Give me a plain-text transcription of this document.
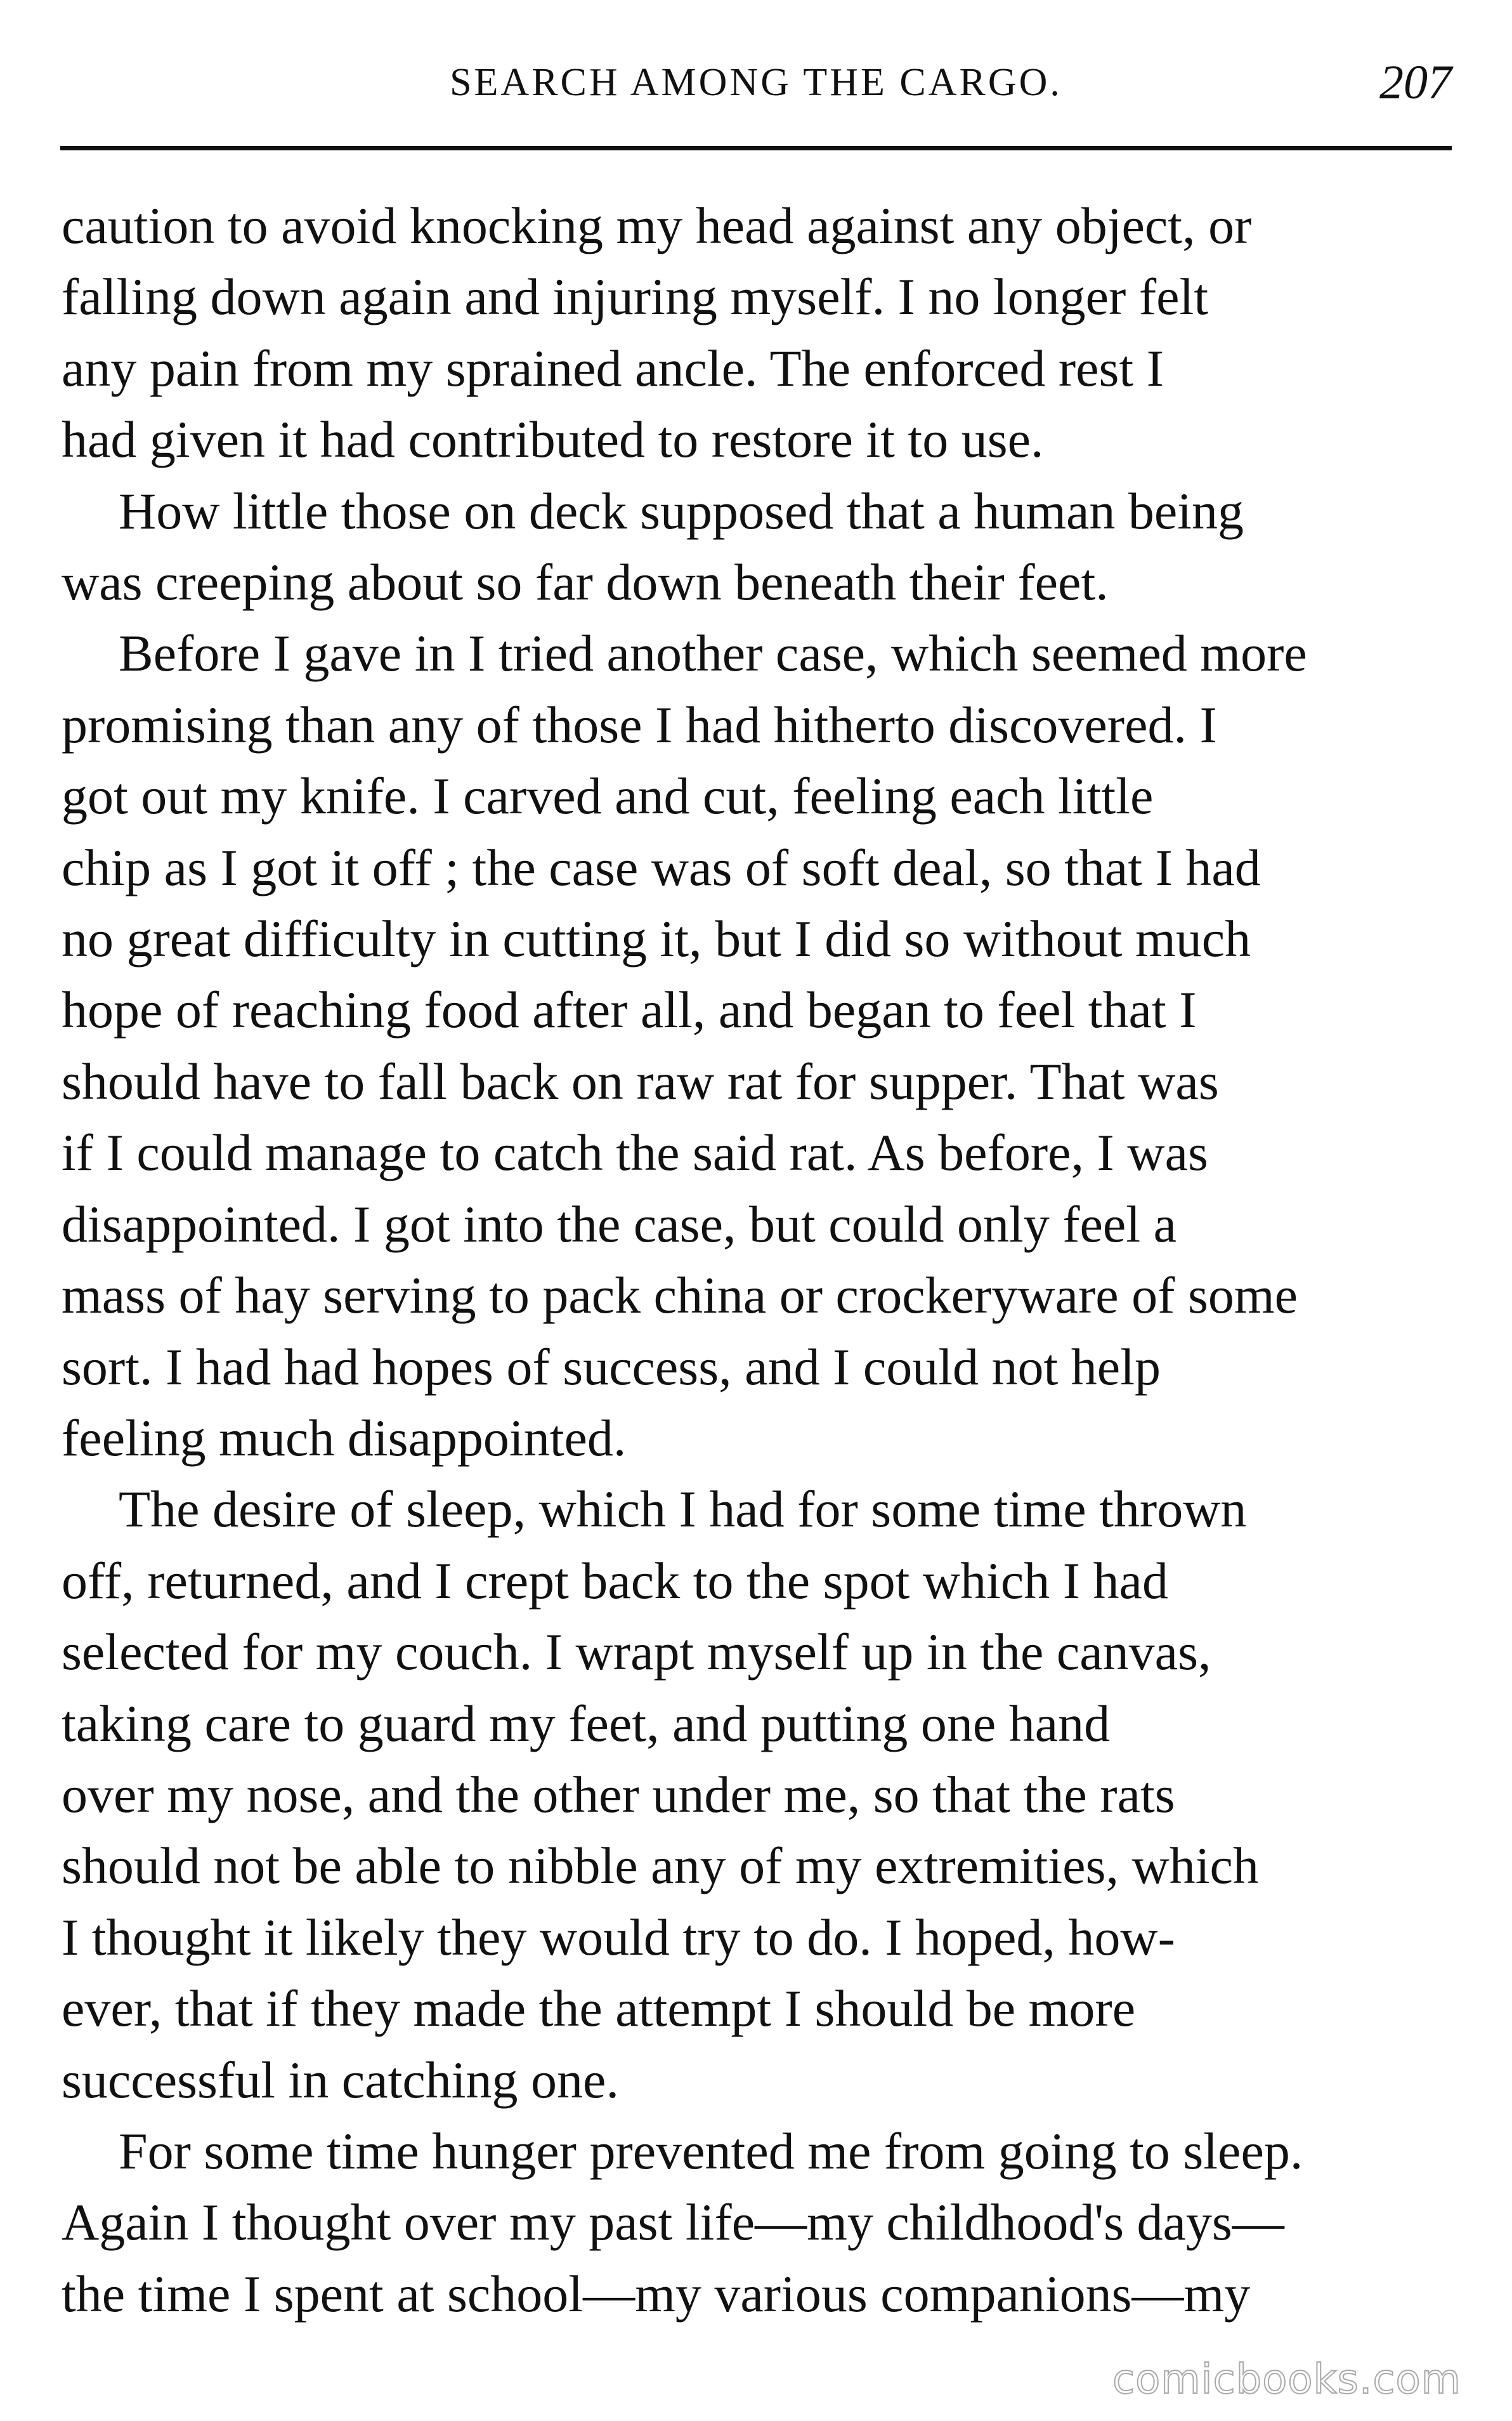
SEARCH AMONG THE CARGO.	207

caution to avoid knocking my head against any object, or
falling down again and injuring myself. I no longer felt
any pain from my sprained ancle. The enforced rest I
had given it had contributed to restore it to use.

How little those on deck supposed that a human being
was creeping about so far down beneath their feet.

Before I gave in I tried another case, which seemed more
promising than any of those I had hitherto discovered. I
got out my knife. I carved and cut, feeling each little
chip as I got it off ; the case was of soft deal, so that I had
no great difficulty in cutting it, but I did so without much
hope of reaching food after all, and began to feel that I
should have to fall back on raw rat for supper. That was
if I could manage to catch the said rat. As before, I was
disappointed. I got into the case, but could only feel a
mass of hay serving to pack china or crockeryware of some
sort. I had had hopes of success, and I could not help
feeling much disappointed.

The desire of sleep, which I had for some time thrown
off, returned, and I crept back to the spot which I had
selected for my couch. I wrapt myself up in the canvas,
taking care to guard my feet, and putting one hand
over my nose, and the other under me, so that the rats
should not be able to nibble any of my extremities, which
I thought it likely they would try to do. I hoped, how-
ever, that if they made the attempt I should be more
successful in catching one.

For some time hunger prevented me from going to sleep.
Again I thought over my past life—my childhood's days—
the time I spent at school—my various companions—my

comicbooks.com
